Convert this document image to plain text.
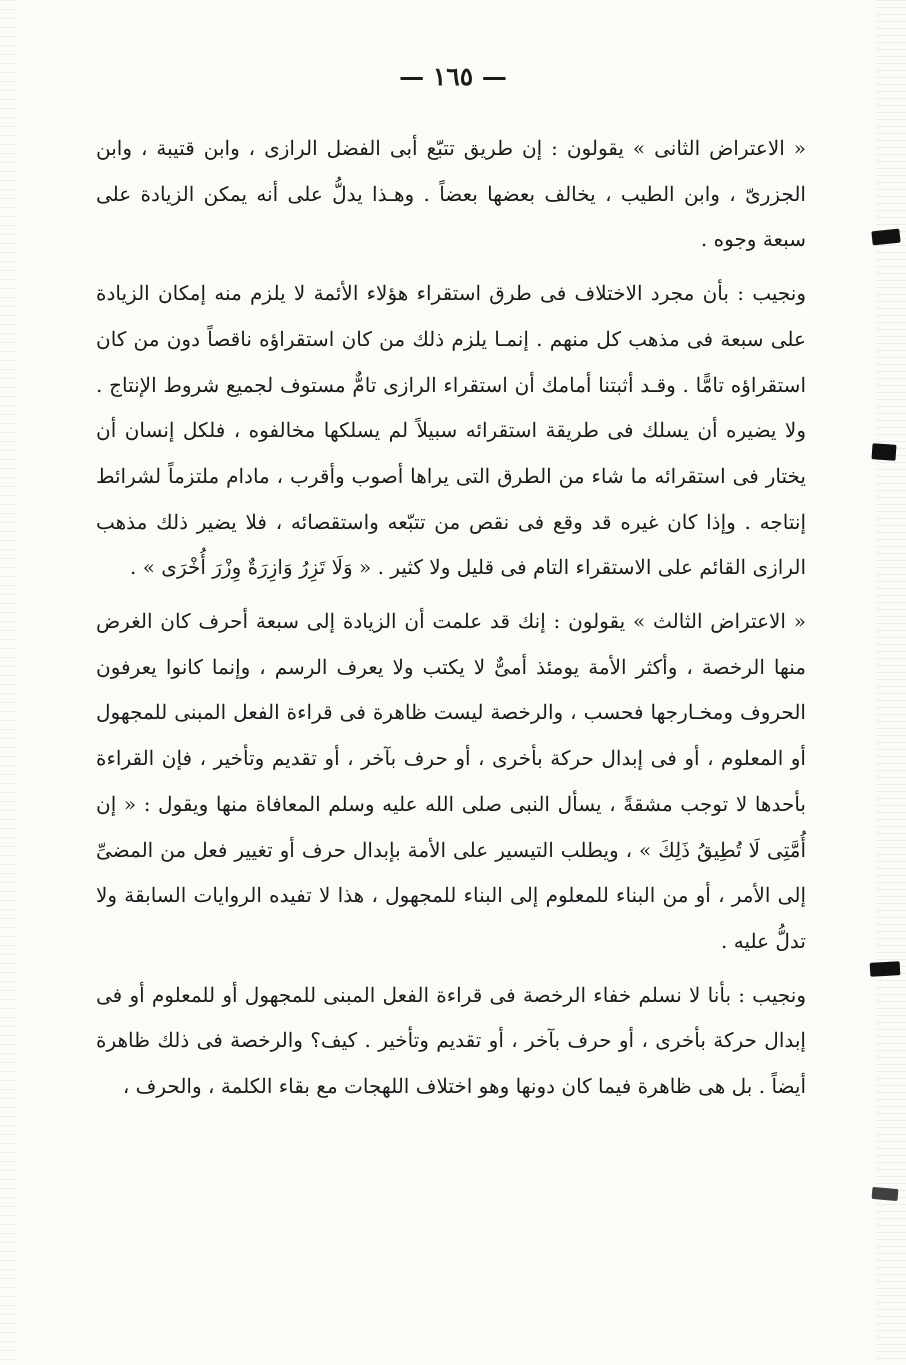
— ١٦٥ —

« الاعتراض الثانى » يقولون : إن طريق تتبّع أبى الفضل الرازى ، وابن قتيبة ، وابن الجزرىّ ، وابن الطيب ، يخالف بعضها بعضاً . وهـذا يدلُّ على أنه يمكن الزيادة على سبعة وجوه .

ونجيب : بأن مجرد الاختلاف فى طرق استقراء هؤلاء الأئمة لا يلزم منه إمكان الزيادة على سبعة فى مذهب كل منهم . إنمـا يلزم ذلك من كان استقراؤه ناقصاً دون من كان استقراؤه تامًّا . وقـد أثبتنا أمامك أن استقراء الرازى تامٌّ مستوف لجميع شروط الإنتاج . ولا يضيره أن يسلك فى طريقة استقرائه سبيلاً لم يسلكها مخالفوه ، فلكل إنسان أن يختار فى استقرائه ما شاء من الطرق التى يراها أصوب وأقرب ، مادام ملتزماً لشرائط إنتاجه . وإذا كان غيره قد وقع فى نقص من تتبّعه واستقصائه ، فلا يضير ذلك مذهب الرازى القائم على الاستقراء التام فى قليل ولا كثير . « وَلَا تَزِرُ وَازِرَةٌ وِزْرَ أُخْرَى » .

« الاعتراض الثالث » يقولون : إنك قد علمت أن الزيادة إلى سبعة أحرف كان الغرض منها الرخصة ، وأكثر الأمة يومئذ أمىٌّ لا يكتب ولا يعرف الرسم ، وإنما كانوا يعرفون الحروف ومخـارجها فحسب ، والرخصة ليست ظاهرة فى قراءة الفعل المبنى للمجهول أو المعلوم ، أو فى إبدال حركة بأخرى ، أو حرف بآخر ، أو تقديم وتأخير ، فإن القراءة بأحدها لا توجب مشقةً ، يسأل النبى صلى الله عليه وسلم المعافاة منها ويقول : « إن أُمَّتِى لَا تُطِيقُ ذَلِكَ » ، ويطلب التيسير على الأمة بإبدال حرف أو تغيير فعل من المضىِّ إلى الأمر ، أو من البناء للمعلوم إلى البناء للمجهول ، هذا لا تفيده الروايات السابقة ولا تدلُّ عليه .

ونجيب : بأنا لا نسلم خفاء الرخصة فى قراءة الفعل المبنى للمجهول أو للمعلوم أو فى إبدال حركة بأخرى ، أو حرف بآخر ، أو تقديم وتأخير . كيف؟ والرخصة فى ذلك ظاهرة أيضاً . بل هى ظاهرة فيما كان دونها وهو اختلاف اللهجات مع بقاء الكلمة ، والحرف ،
